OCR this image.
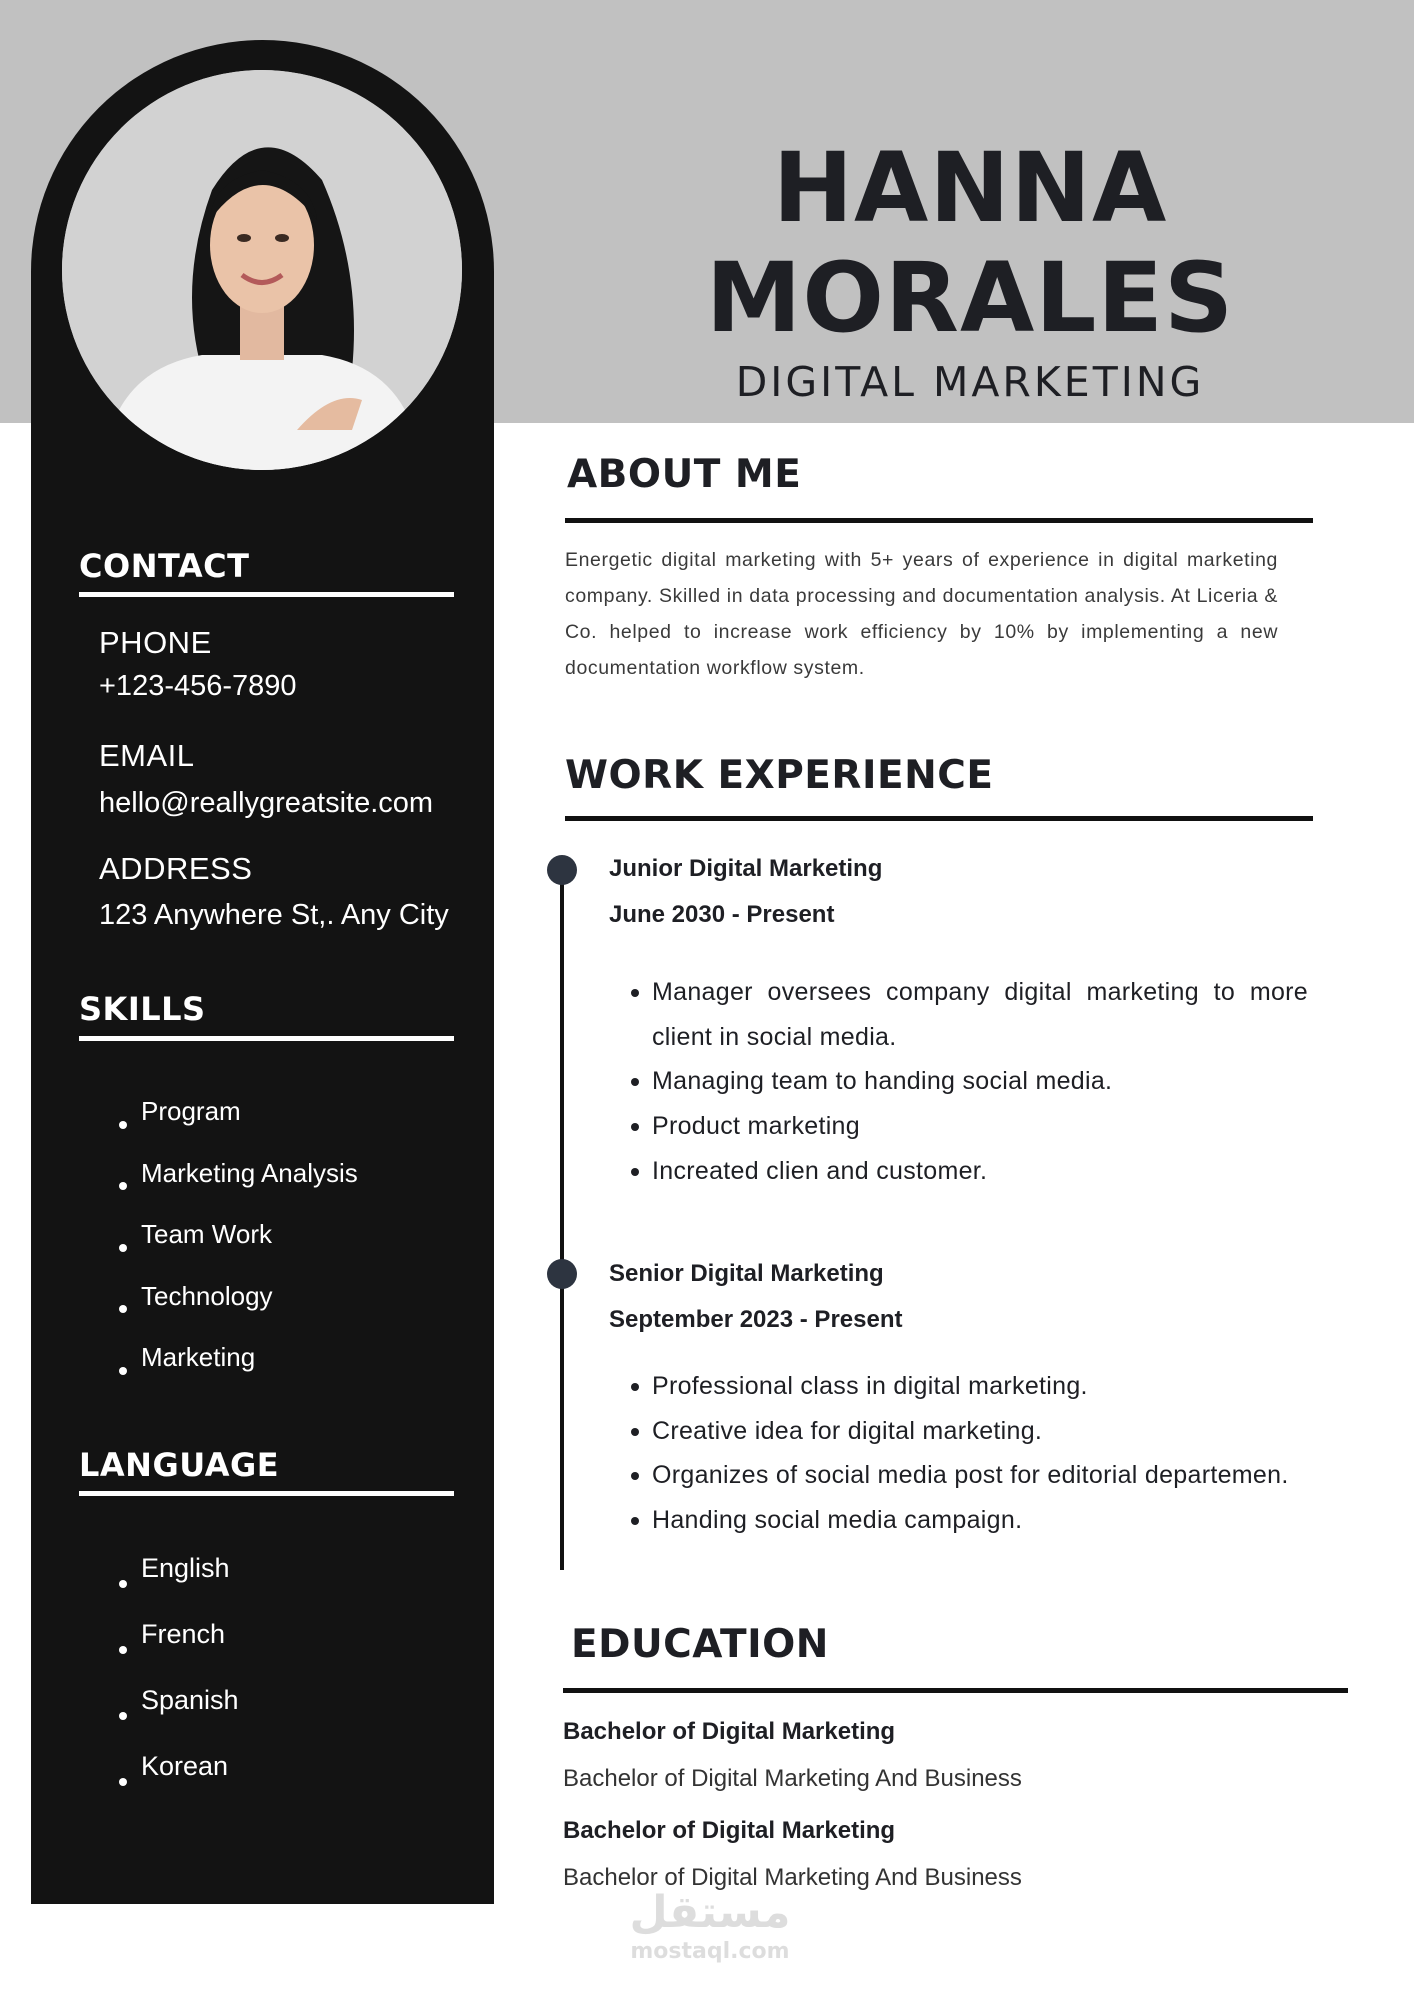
HANNA
MORALES
DIGITAL MARKETING
CONTACT
PHONE
+123-456-7890
EMAIL
hello@reallygreatsite.com
ADDRESS
123 Anywhere St,. Any City
SKILLS
Program
Marketing Analysis
Team Work
Technology
Marketing
LANGUAGE
English
French
Spanish
Korean
ABOUT ME

Energetic digital marketing with 5+ years of experience in digital marketing company. Skilled in data processing and documentation analysis. At Liceria & Co. helped to increase work efficiency by 10% by implementing a new documentation workflow system.

WORK EXPERIENCE
Junior Digital Marketing
June 2030 - Present
Manager oversees company digital marketing to more client in social media.
Managing team to handing social media.
Product marketing
Increated clien and customer.
Senior Digital Marketing
September 2023 - Present
Professional class in digital marketing.
Creative idea for digital marketing.
Organizes of social media post for editorial departemen.
Handing social media campaign.
EDUCATION
Bachelor of Digital Marketing
Bachelor of Digital Marketing And Business
Bachelor of Digital Marketing
Bachelor of Digital Marketing And Business
مستقل
mostaql.com
